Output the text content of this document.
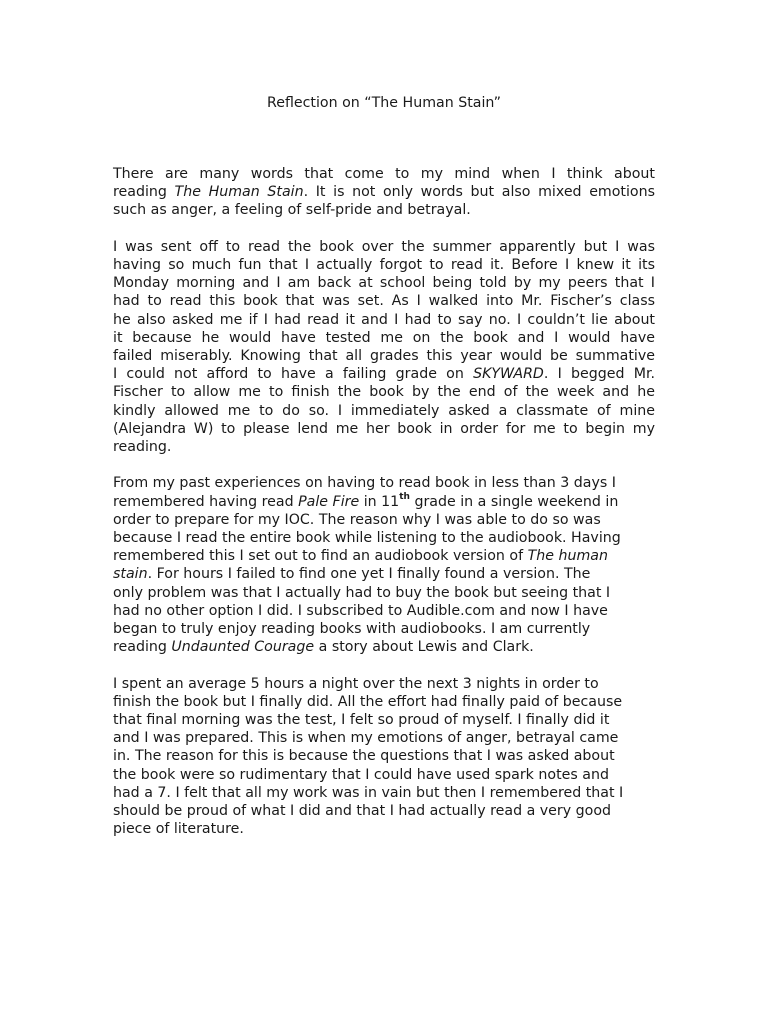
Reflection on “The Human Stain”

There are many words that come to my mind when I think about
reading The Human Stain. It is not only words but also mixed emotions
such as anger, a feeling of self-pride and betrayal.

I was sent off to read the book over the summer apparently but I was
having so much fun that I actually forgot to read it. Before I knew it its
Monday morning and I am back at school being told by my peers that I
had to read this book that was set. As I walked into Mr. Fischer’s class
he also asked me if I had read it and I had to say no. I couldn’t lie about
it because he would have tested me on the book and I would have
failed miserably. Knowing that all grades this year would be summative
I could not afford to have a failing grade on SKYWARD. I begged Mr.
Fischer to allow me to finish the book by the end of the week and he
kindly allowed me to do so. I immediately asked a classmate of mine
(Alejandra W) to please lend me her book in order for me to begin my
reading.

From my past experiences on having to read book in less than 3 days I
remembered having read Pale Fire in 11th grade in a single weekend in
order to prepare for my IOC. The reason why I was able to do so was
because I read the entire book while listening to the audiobook. Having
remembered this I set out to find an audiobook version of The human
stain. For hours I failed to find one yet I finally found a version. The
only problem was that I actually had to buy the book but seeing that I
had no other option I did. I subscribed to Audible.com and now I have
began to truly enjoy reading books with audiobooks. I am currently
reading Undaunted Courage a story about Lewis and Clark.

I spent an average 5 hours a night over the next 3 nights in order to
finish the book but I finally did. All the effort had finally paid of because
that final morning was the test, I felt so proud of myself. I finally did it
and I was prepared. This is when my emotions of anger, betrayal came
in. The reason for this is because the questions that I was asked about
the book were so rudimentary that I could have used spark notes and
had a 7. I felt that all my work was in vain but then I remembered that I
should be proud of what I did and that I had actually read a very good
piece of literature.
